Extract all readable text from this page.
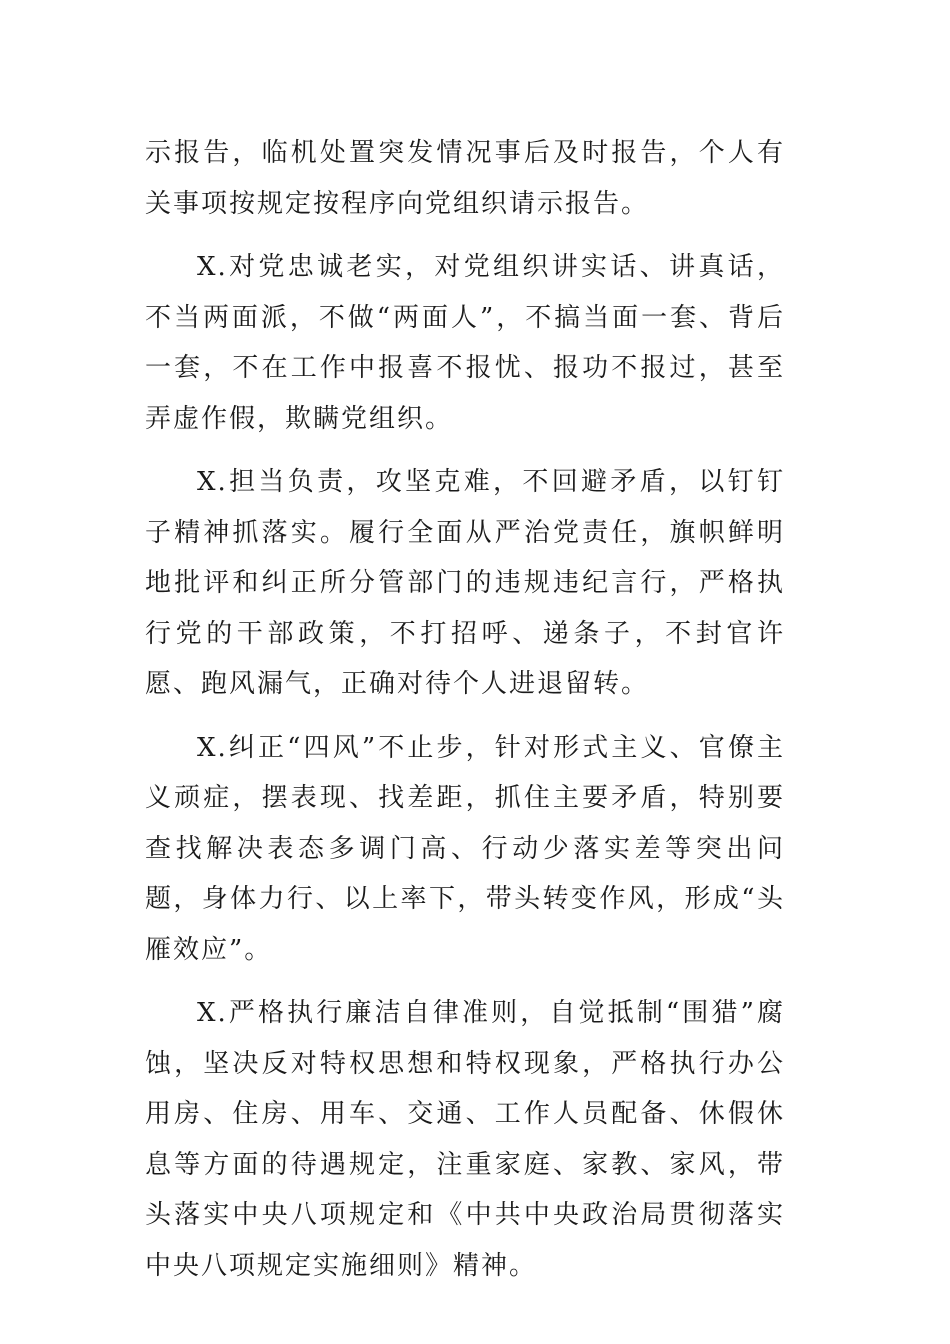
示报告，临机处置突发情况事后及时报告，个人有关事项按规定按程序向党组织请示报告。

X.对党忠诚老实，对党组织讲实话、讲真话，不当两面派，不做“两面人”，不搞当面一套、背后一套，不在工作中报喜不报忧、报功不报过，甚至弄虚作假，欺瞒党组织。

X.担当负责，攻坚克难，不回避矛盾，以钉钉子精神抓落实。履行全面从严治党责任，旗帜鲜明地批评和纠正所分管部门的违规违纪言行，严格执行党的干部政策，不打招呼、递条子，不封官许愿、跑风漏气，正确对待个人进退留转。

X.纠正“四风”不止步，针对形式主义、官僚主义顽症，摆表现、找差距，抓住主要矛盾，特别要查找解决表态多调门高、行动少落实差等突出问题，身体力行、以上率下，带头转变作风，形成“头雁效应”。

X.严格执行廉洁自律准则，自觉抵制“围猎”腐蚀，坚决反对特权思想和特权现象，严格执行办公用房、住房、用车、交通、工作人员配备、休假休息等方面的待遇规定，注重家庭、家教、家风，带头落实中央八项规定和《中共中央政治局贯彻落实中央八项规定实施细则》精神。
